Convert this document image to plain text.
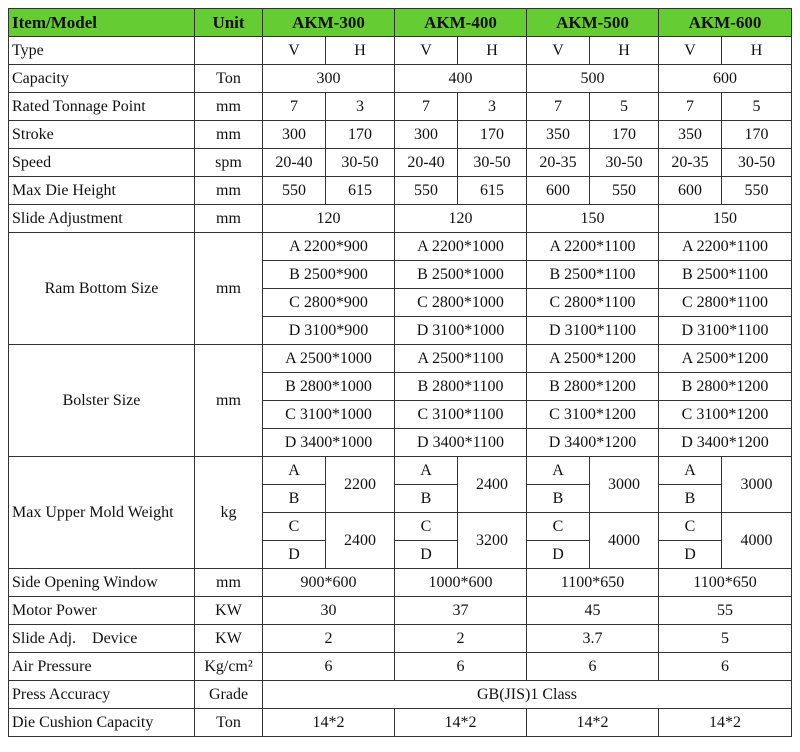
Item/Model	Unit	AKM-300		AKM-400		AKM-500		AKM-600	
Type		V	H	V	H	V	H	V	H
Capacity	Ton	300		400		500		600	
Rated Tonnage Point	mm	7	3	7	3	7	5	7	5
Stroke	mm	300	170	300	170	350	170	350	170
Speed	spm	20-40	30-50	20-40	30-50	20-35	30-50	20-35	30-50
Max Die Height	mm	550	615	550	615	600	550	600	550
Slide Adjustment	mm	120		120		150		150	
Ram Bottom Size	mm	A 2200*900		A 2200*1000		A 2200*1100		A 2200*1100	
		B 2500*900		B 2500*1000		B 2500*1100		B 2500*1100	
		C 2800*900		C 2800*1000		C 2800*1100		C 2800*1100	
		D 3100*900		D 3100*1000		D 3100*1100		D 3100*1100	
Bolster Size	mm	A 2500*1000		A 2500*1100		A 2500*1200		A 2500*1200	
		B 2800*1000		B 2800*1100		B 2800*1200		B 2800*1200	
		C 3100*1000		C 3100*1100		C 3100*1200		C 3100*1200	
		D 3400*1000		D 3400*1100		D 3400*1200		D 3400*1200	
Max Upper Mold Weight	kg	A	2200	A	2400	A	3000	A	3000
		B		B		B		B	
		C	2400	C	3200	C	4000	C	4000
		D		D		D		D	
Side Opening Window	mm	900*600		1000*600		1100*650		1100*650	
Motor Power	KW	30		37		45		55	
Slide Adj.    Device	KW	2		2		3.7		5	
Air Pressure	Kg/cm²	6		6		6		6	
Press Accuracy	Grade	GB(JIS)1 Class							
Die Cushion Capacity	Ton	14*2		14*2		14*2		14*2	
